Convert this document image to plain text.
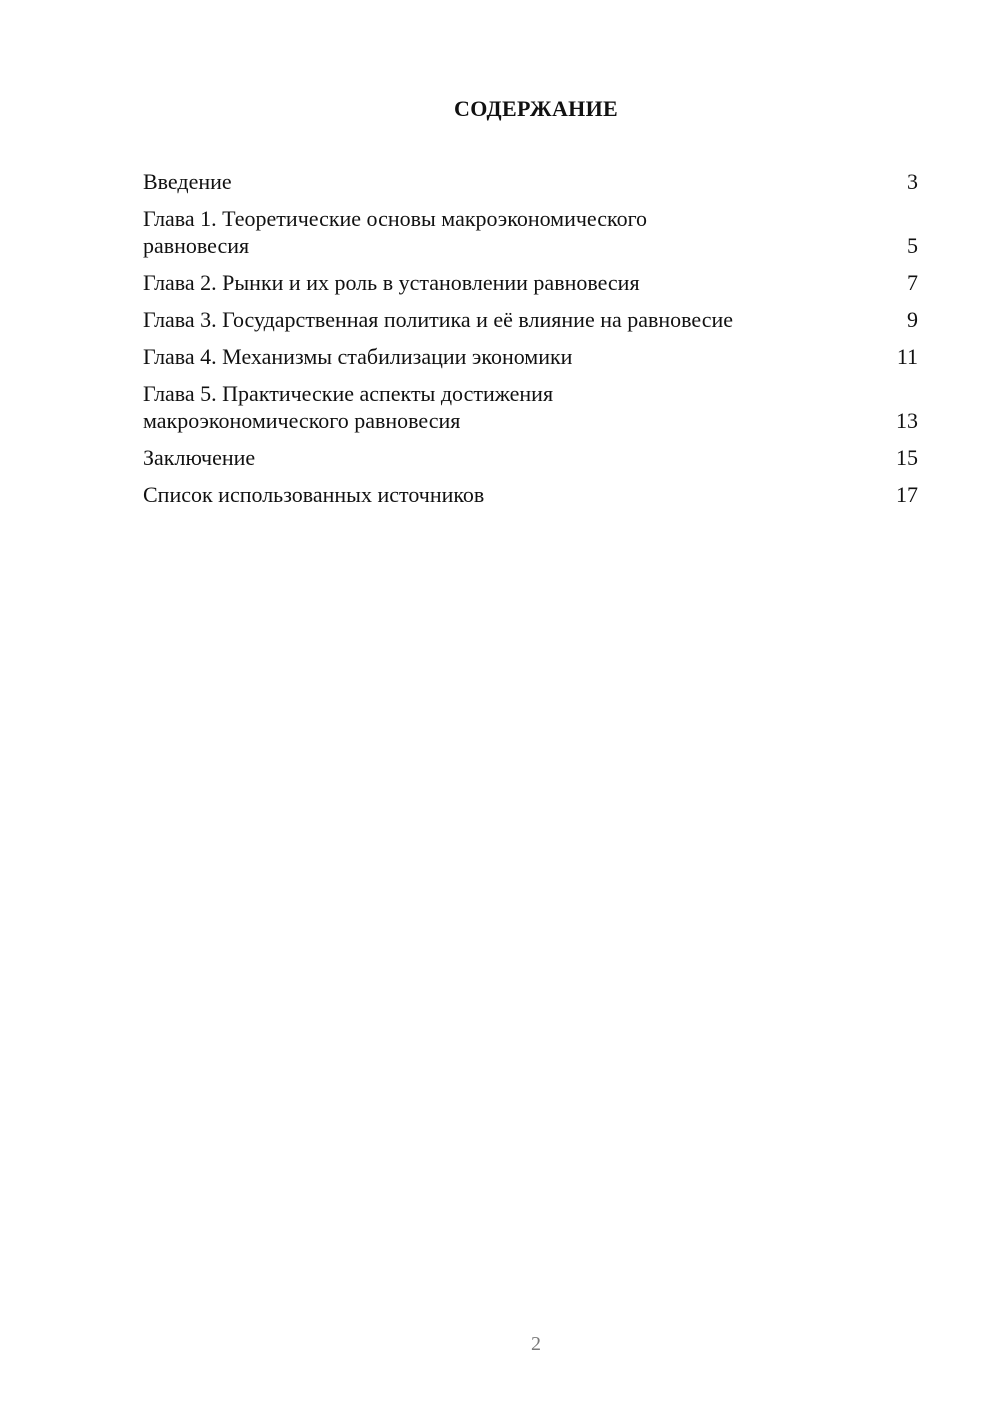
СОДЕРЖАНИЕ
Введение	3
Глава 1. Теоретические основы макроэкономического
равновесия	5
Глава 2. Рынки и их роль в установлении равновесия	7
Глава 3. Государственная политика и её влияние на равновесие	9
Глава 4. Механизмы стабилизации экономики	11
Глава 5. Практические аспекты достижения
макроэкономического равновесия	13
Заключение	15
Список использованных источников	17
2
